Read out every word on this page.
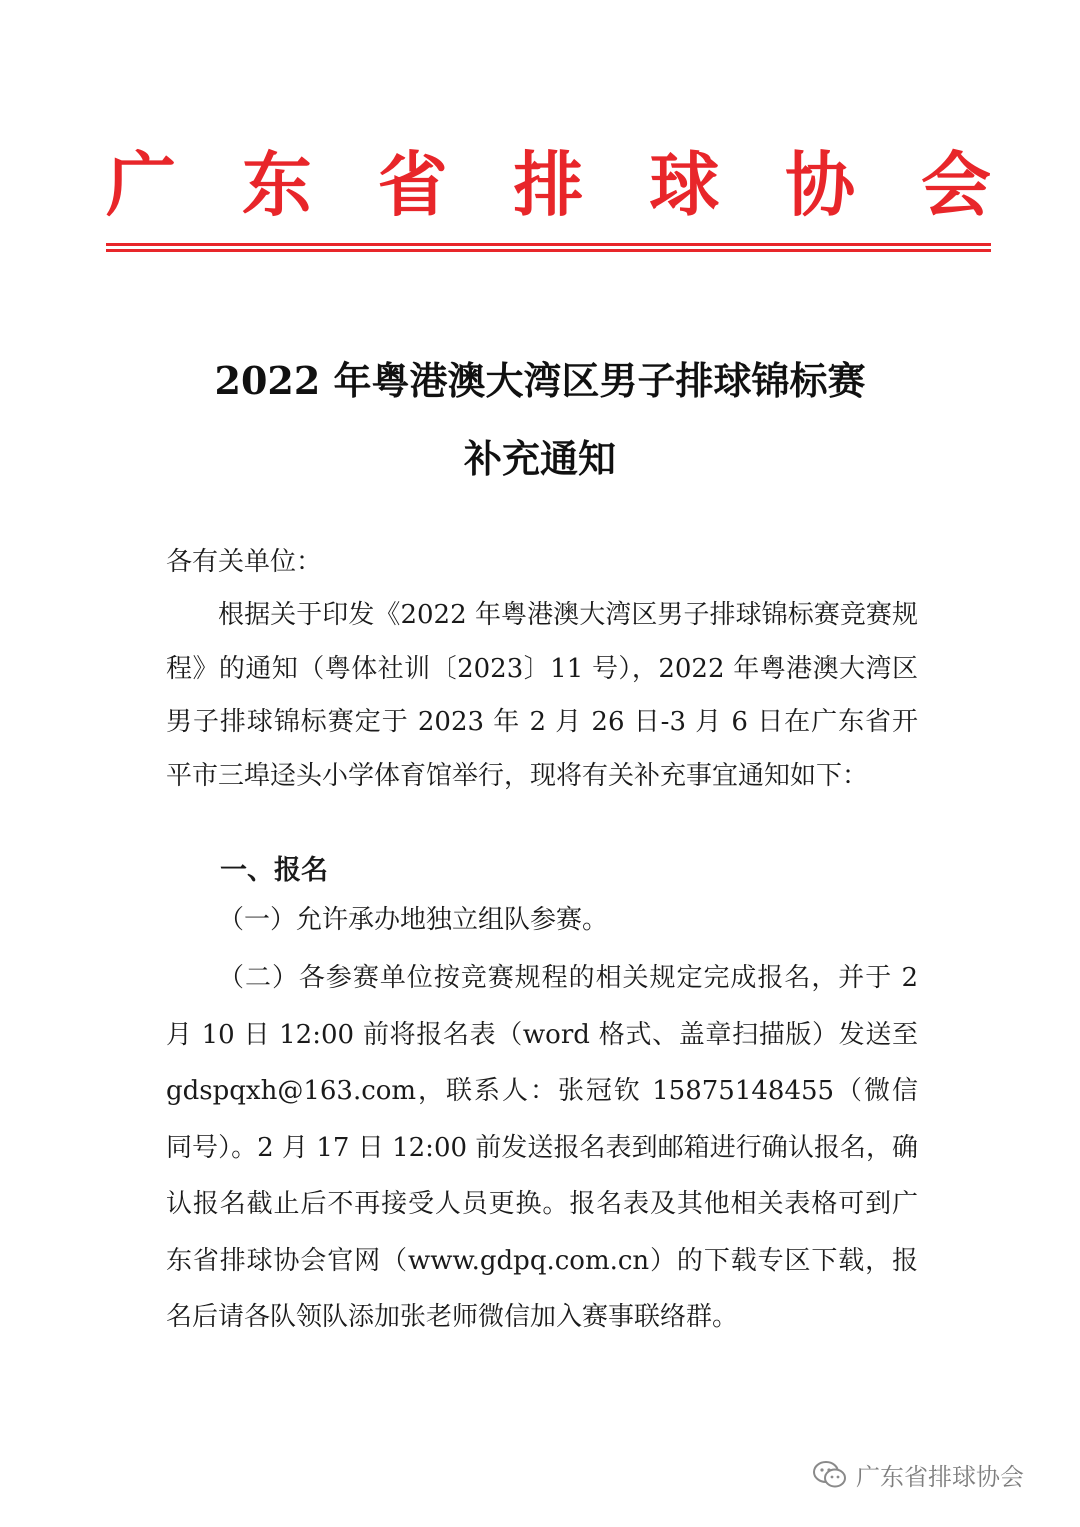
广 东 省 排 球 协 会
2022 年粤港澳大湾区男子排球锦标赛
补充通知
各有关单位：
根据关于印发《2022 年粤港澳大湾区男子排球锦标赛竞赛规程》的通知（粤体社训〔2023〕11 号），2022 年粤港澳大湾区男子排球锦标赛定于 2023 年 2 月 26 日-3 月 6 日在广东省开平市三埠迳头小学体育馆举行，现将有关补充事宜通知如下：
一、报名
（一）允许承办地独立组队参赛。
（二）各参赛单位按竞赛规程的相关规定完成报名，并于 2 月 10 日 12:00 前将报名表（word 格式、盖章扫描版）发送至 gdspqxh@163.com，联系人：张冠钦 15875148455（微信同号）。2 月 17 日 12:00 前发送报名表到邮箱进行确认报名，确认报名截止后不再接受人员更换。报名表及其他相关表格可到广东省排球协会官网（www.gdpq.com.cn）的下载专区下载，报名后请各队领队添加张老师微信加入赛事联络群。
广东省排球协会
